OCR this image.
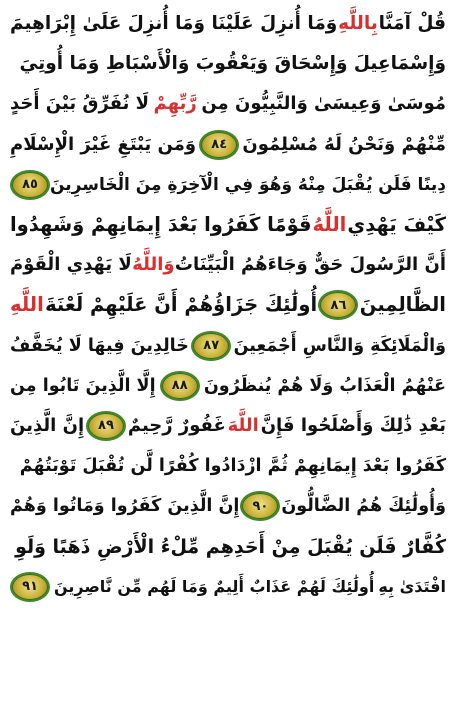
قُلْ آمَنَّا
بِاللَّهِ
وَمَا أُنزِلَ عَلَيْنَا وَمَا أُنزِلَ عَلَىٰ إِبْرَاهِيمَ
وَإِسْمَاعِيلَ وَإِسْحَاقَ وَيَعْقُوبَ وَالْأَسْبَاطِ وَمَا أُوتِيَ
مُوسَىٰ وَعِيسَىٰ وَالنَّبِيُّونَ مِن
رَّبِّهِمْ
لَا نُفَرِّقُ بَيْنَ أَحَدٍ
مِّنْهُمْ وَنَحْنُ لَهُ مُسْلِمُونَ
٨٤
وَمَن يَبْتَغِ غَيْرَ الْإِسْلَامِ
دِينًا فَلَن يُقْبَلَ مِنْهُ وَهُوَ فِي الْآخِرَةِ مِنَ الْخَاسِرِينَ
٨٥
كَيْفَ يَهْدِي
اللَّهُ
قَوْمًا كَفَرُوا بَعْدَ إِيمَانِهِمْ وَشَهِدُوا
أَنَّ الرَّسُولَ حَقٌّ وَجَاءَهُمُ الْبَيِّنَاتُ
وَاللَّهُ
لَا يَهْدِي الْقَوْمَ
الظَّالِمِينَ
٨٦
أُولَٰئِكَ جَزَاؤُهُمْ أَنَّ عَلَيْهِمْ لَعْنَةَ
اللَّهِ
وَالْمَلَائِكَةِ وَالنَّاسِ أَجْمَعِينَ
٨٧
خَالِدِينَ فِيهَا لَا يُخَفَّفُ
عَنْهُمُ الْعَذَابُ وَلَا هُمْ يُنظَرُونَ
٨٨
إِلَّا الَّذِينَ تَابُوا مِن
بَعْدِ ذَٰلِكَ وَأَصْلَحُوا فَإِنَّ
اللَّهَ
غَفُورٌ رَّحِيمٌ
٨٩
إِنَّ الَّذِينَ
كَفَرُوا بَعْدَ إِيمَانِهِمْ ثُمَّ ازْدَادُوا كُفْرًا لَّن تُقْبَلَ تَوْبَتُهُمْ
وَأُولَٰئِكَ هُمُ الضَّالُّونَ
٩٠
إِنَّ الَّذِينَ كَفَرُوا وَمَاتُوا وَهُمْ
كُفَّارٌ فَلَن يُقْبَلَ مِنْ أَحَدِهِم مِّلْءُ الْأَرْضِ ذَهَبًا وَلَوِ
افْتَدَىٰ بِهِ
أُولَٰئِكَ لَهُمْ عَذَابٌ أَلِيمٌ وَمَا لَهُم مِّن نَّاصِرِينَ
٩١
